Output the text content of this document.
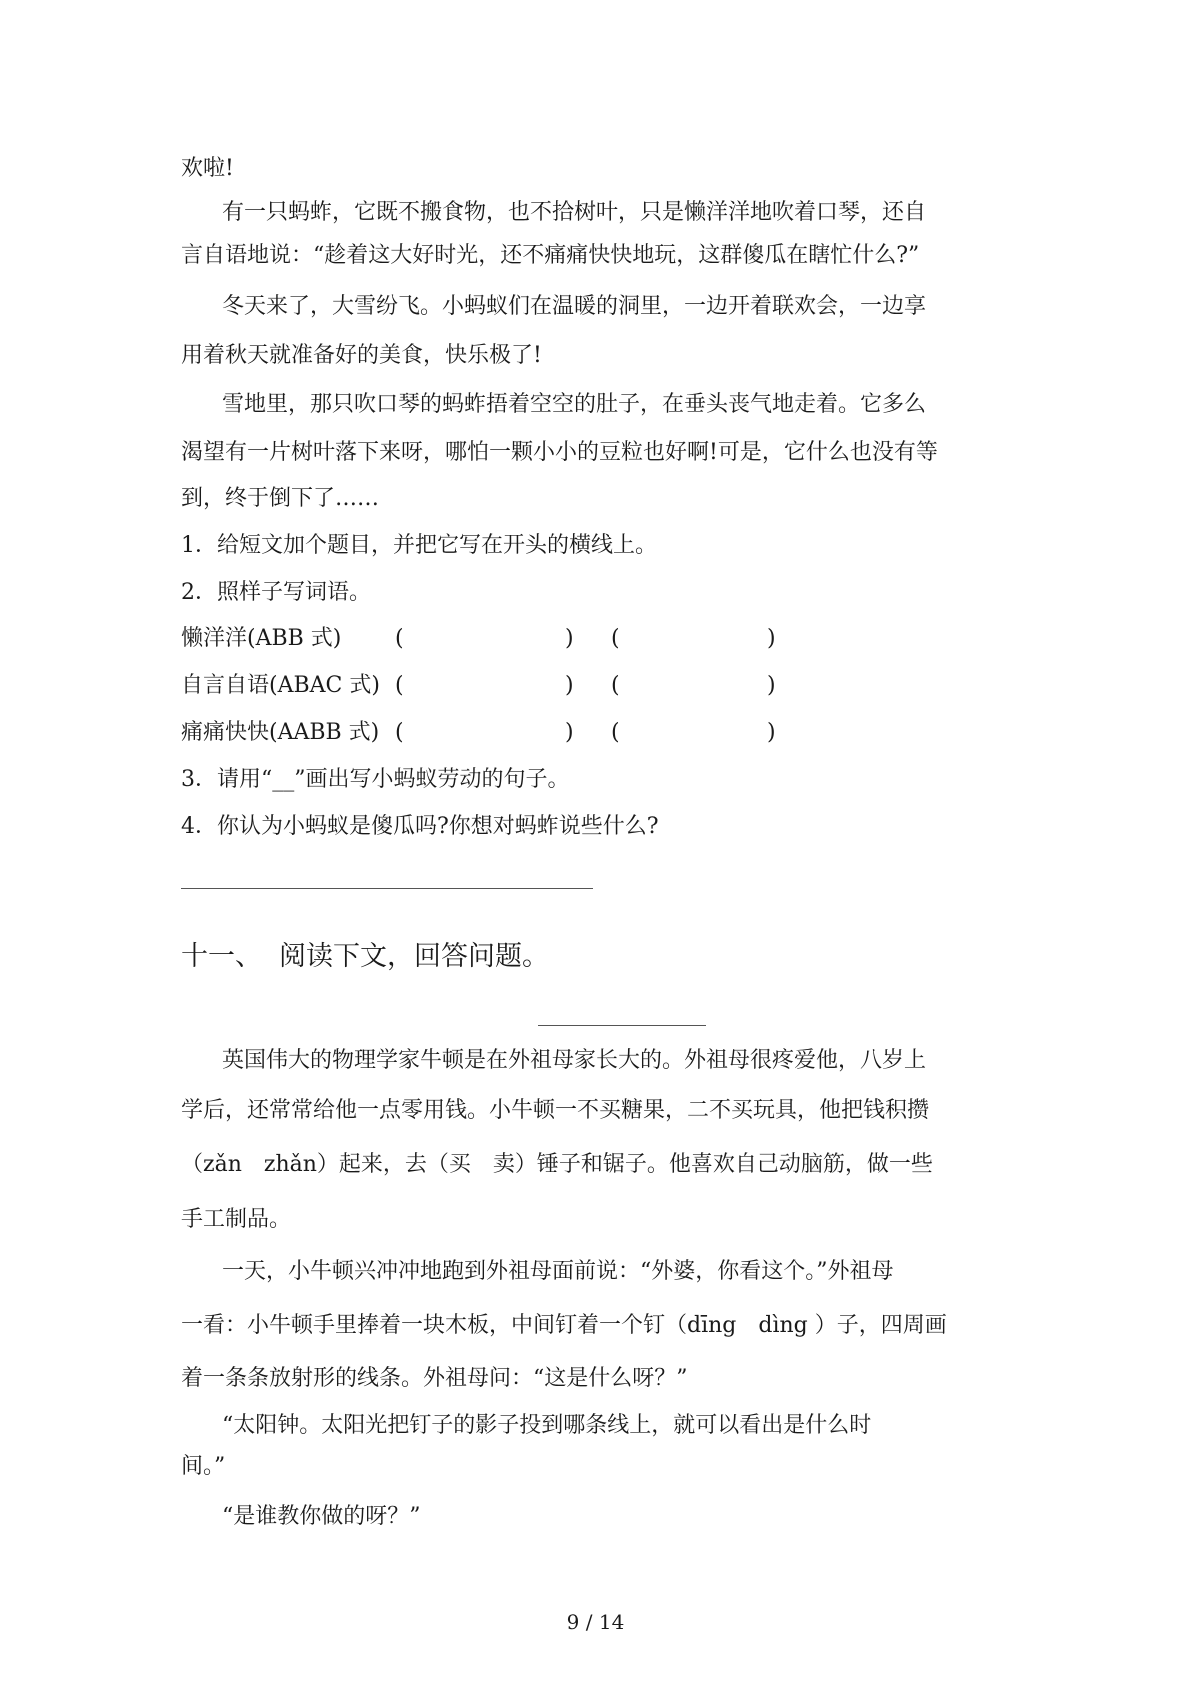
欢啦!
有一只蚂蚱，它既不搬食物，也不拾树叶，只是懒洋洋地吹着口琴，还自
言自语地说：“趁着这大好时光，还不痛痛快快地玩，这群傻瓜在瞎忙什么?”
冬天来了，大雪纷飞。小蚂蚁们在温暖的洞里，一边开着联欢会，一边享
用着秋天就准备好的美食，快乐极了!
雪地里，那只吹口琴的蚂蚱捂着空空的肚子，在垂头丧气地走着。它多么
渴望有一片树叶落下来呀，哪怕一颗小小的豆粒也好啊!可是，它什么也没有等
到，终于倒下了……
1．给短文加个题目，并把它写在开头的横线上。
2．照样子写词语。
懒洋洋(ABB 式) (	) (	)
自言自语(ABAC 式) (	) (	)
痛痛快快(AABB 式) (	) (	)
3．请用“__”画出写小蚂蚁劳动的句子。
4．你认为小蚂蚁是傻瓜吗?你想对蚂蚱说些什么?
十一、 阅读下文，回答问题。
英国伟大的物理学家牛顿是在外祖母家长大的。外祖母很疼爱他，八岁上
学后，还常常给他一点零用钱。小牛顿一不买糖果，二不买玩具，他把钱积攒
（zǎn　zhǎn）起来，去（买　卖）锤子和锯子。他喜欢自己动脑筋，做一些
手工制品。
一天，小牛顿兴冲冲地跑到外祖母面前说：“外婆，你看这个。”外祖母
一看：小牛顿手里捧着一块木板，中间钉着一个钉（dīng　dìng ）子，四周画
着一条条放射形的线条。外祖母问：“这是什么呀？”
“太阳钟。太阳光把钉子的影子投到哪条线上，就可以看出是什么时
间。”
“是谁教你做的呀？”
9 / 14
